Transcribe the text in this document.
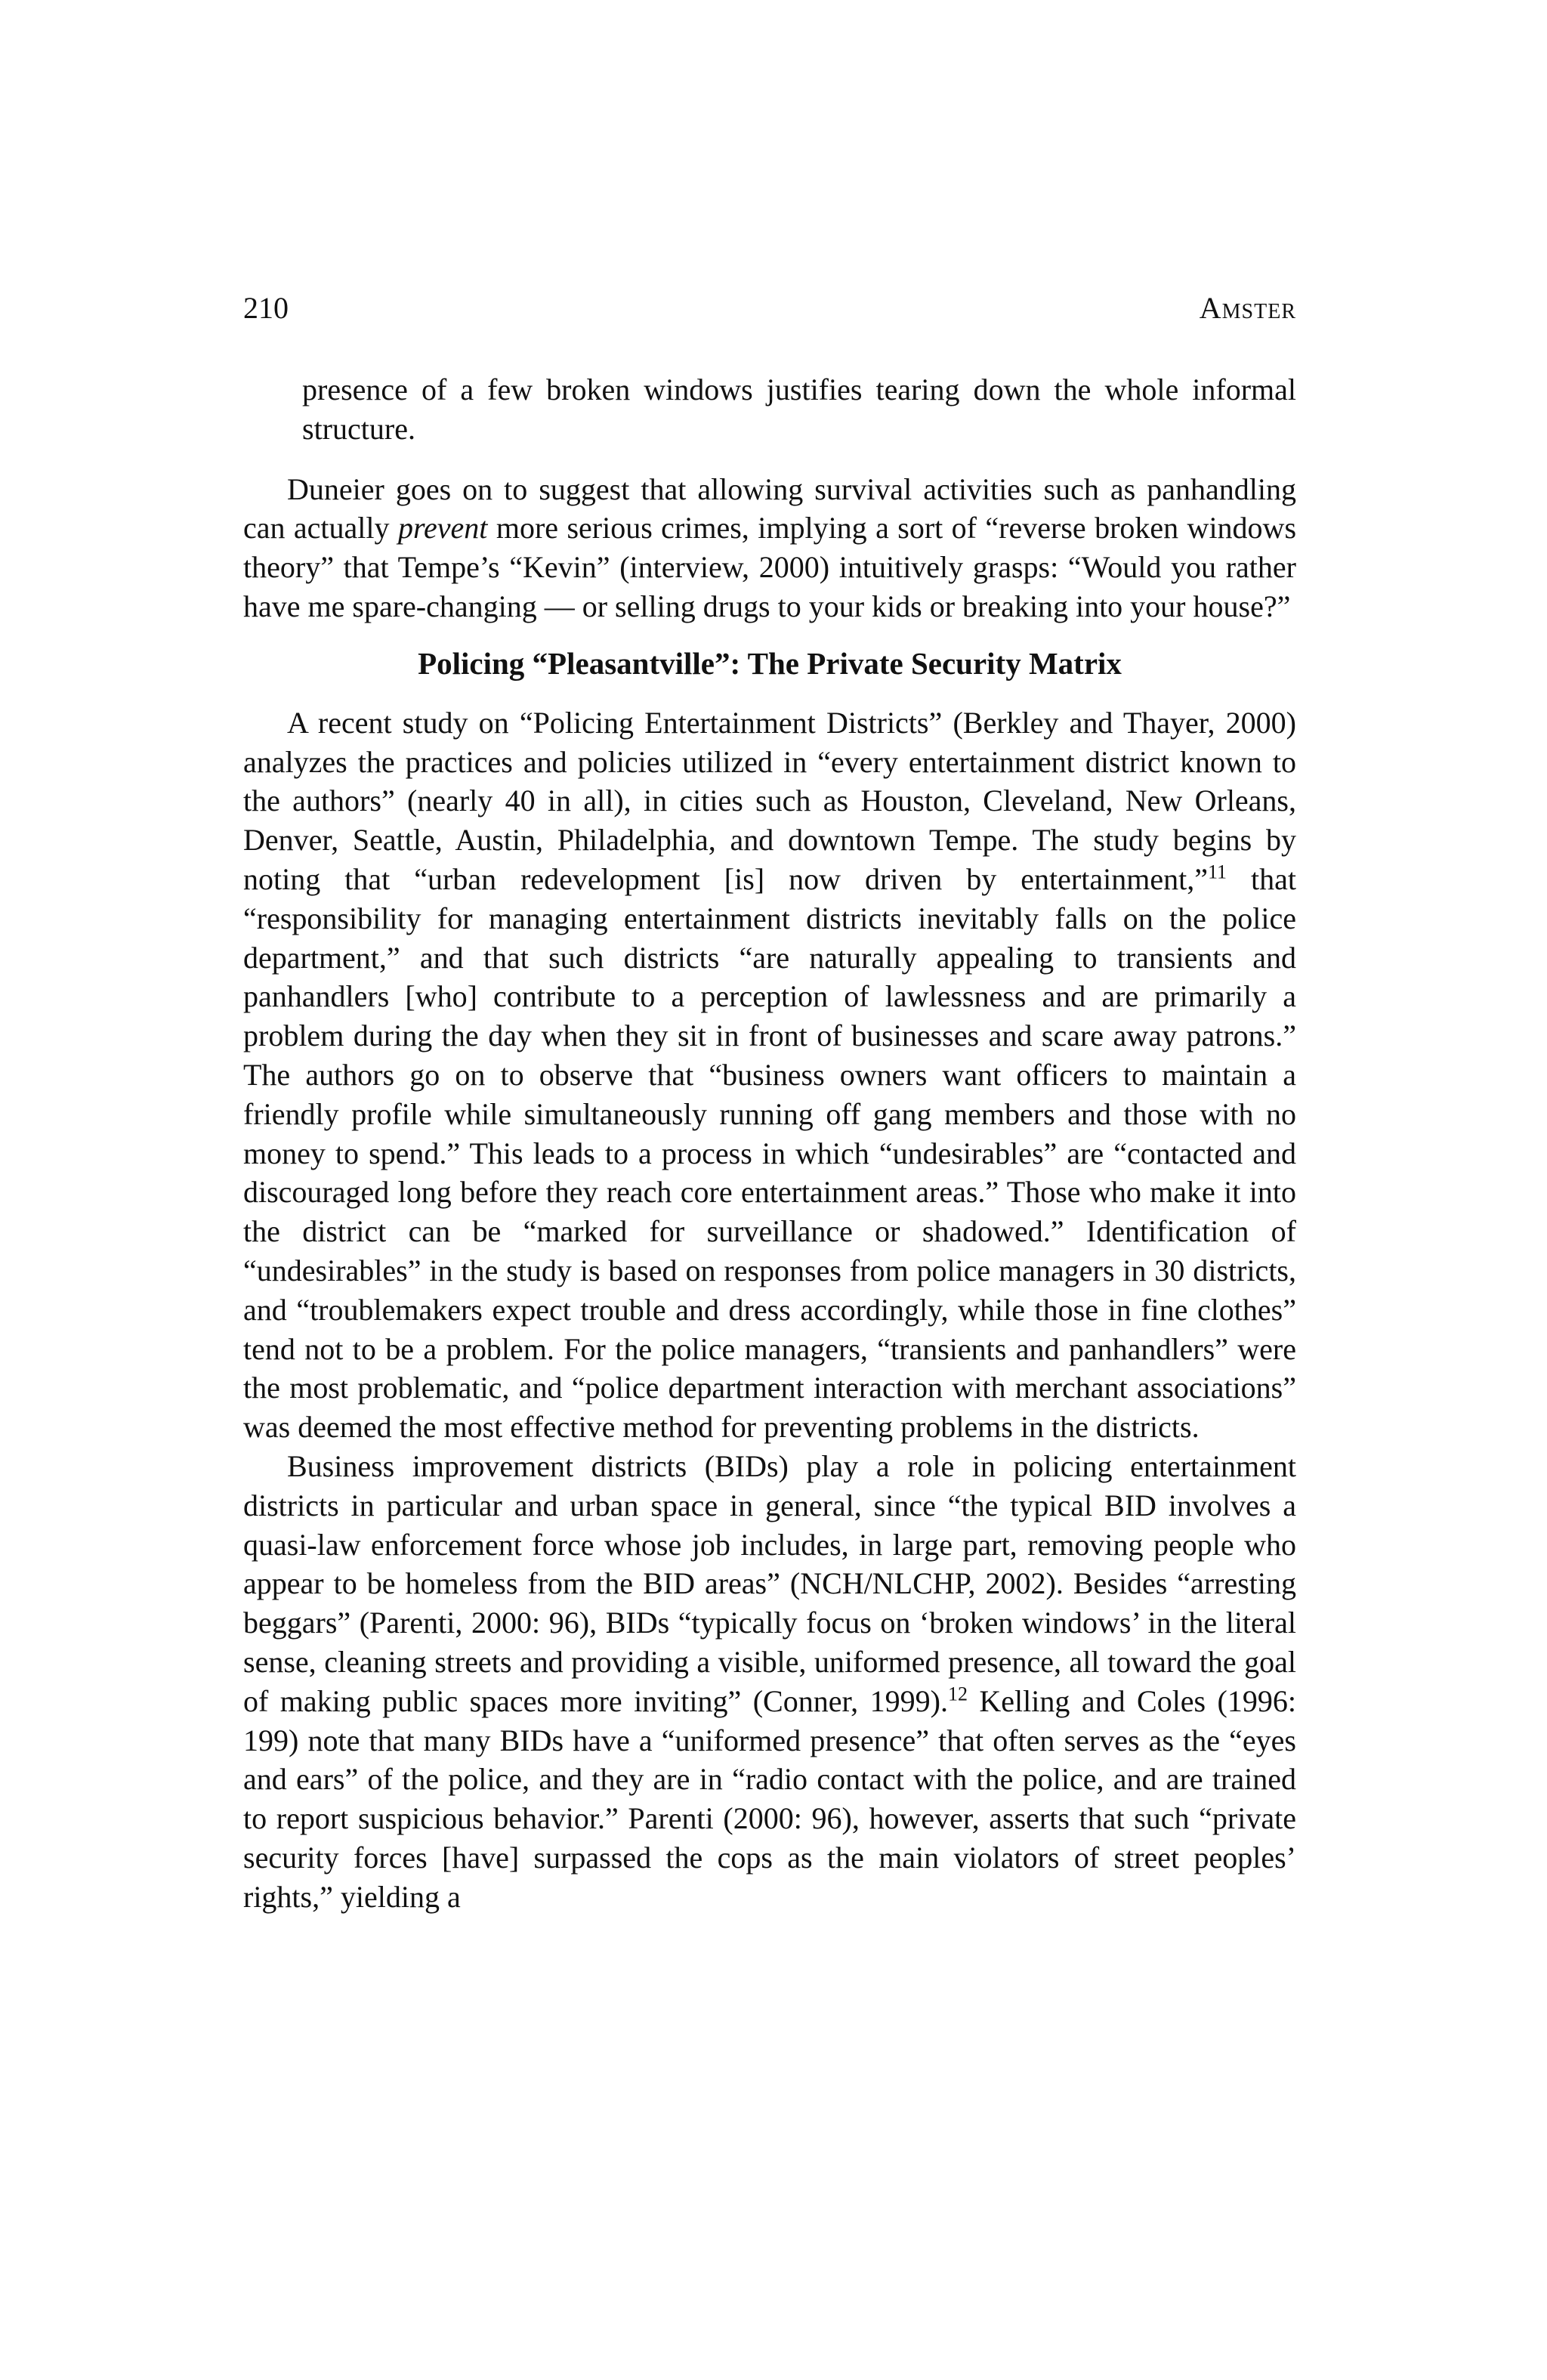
210	Amster

presence of a few broken windows justifies tearing down the whole informal structure.

Duneier goes on to suggest that allowing survival activities such as panhandling can actually prevent more serious crimes, implying a sort of “reverse broken windows theory” that Tempe’s “Kevin” (interview, 2000) intuitively grasps: “Would you rather have me spare-changing — or selling drugs to your kids or breaking into your house?”

Policing “Pleasantville”: The Private Security Matrix

A recent study on “Policing Entertainment Districts” (Berkley and Thayer, 2000) analyzes the practices and policies utilized in “every entertainment district known to the authors” (nearly 40 in all), in cities such as Houston, Cleveland, New Orleans, Denver, Seattle, Austin, Philadelphia, and downtown Tempe. The study begins by noting that “urban redevelopment [is] now driven by entertainment,”$^{11}$ that “responsibility for managing entertainment districts inevitably falls on the police department,” and that such districts “are naturally appealing to transients and panhandlers [who] contribute to a perception of lawlessness and are primarily a problem during the day when they sit in front of businesses and scare away patrons.” The authors go on to observe that “business owners want officers to maintain a friendly profile while simultaneously running off gang members and those with no money to spend.” This leads to a process in which “undesirables” are “contacted and discouraged long before they reach core entertainment areas.” Those who make it into the district can be “marked for surveillance or shadowed.” Identification of “undesirables” in the study is based on responses from police managers in 30 districts, and “troublemakers expect trouble and dress accordingly, while those in fine clothes” tend not to be a problem. For the police managers, “transients and panhandlers” were the most problematic, and “police department interaction with merchant associations” was deemed the most effective method for preventing problems in the districts.

Business improvement districts (BIDs) play a role in policing entertainment districts in particular and urban space in general, since “the typical BID involves a quasi-law enforcement force whose job includes, in large part, removing people who appear to be homeless from the BID areas” (NCH/NLCHP, 2002). Besides “arresting beggars” (Parenti, 2000: 96), BIDs “typically focus on ‘broken windows’ in the literal sense, cleaning streets and providing a visible, uniformed presence, all toward the goal of making public spaces more inviting” (Conner, 1999).$^{12}$ Kelling and Coles (1996: 199) note that many BIDs have a “uniformed presence” that often serves as the “eyes and ears” of the police, and they are in “radio contact with the police, and are trained to report suspicious behavior.” Parenti (2000: 96), however, asserts that such “private security forces [have] surpassed the cops as the main violators of street peoples’ rights,” yielding a
